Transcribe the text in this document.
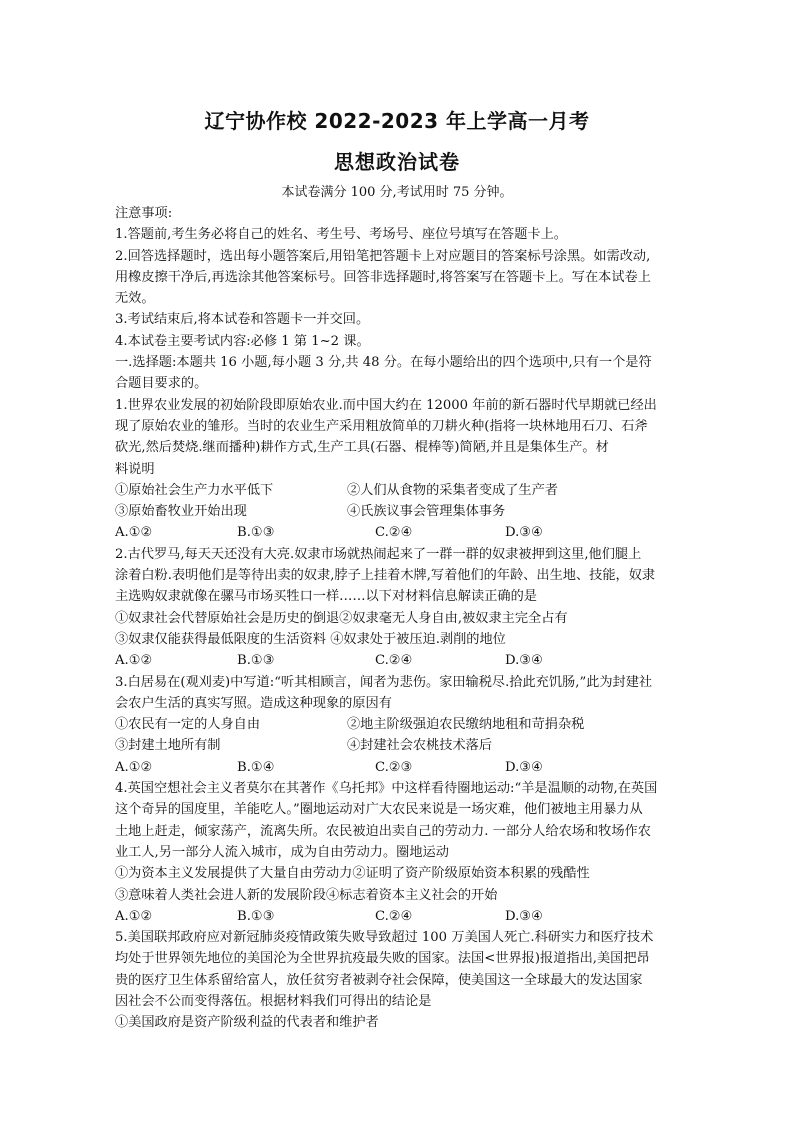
辽宁协作校 2022-2023 年上学高一月考
思想政治试卷
本试卷满分 100 分,考试用时 75 分钟。
注意事项:
1.答题前,考生务必将自己的姓名、考生号、考场号、座位号填写在答题卡上。
2.回答选择题时，选出每小题答案后,用铅笔把答题卡上对应题目的答案标号涂黑。如需改动,
用橡皮擦干净后,再选涂其他答案标号。回答非选择题时,将答案写在答题卡上。写在本试卷上
无效。
3.考试结束后,将本试卷和答题卡一并交回。
4.本试卷主要考试内容:必修 1 第 1~2 课。
一.选择题:本题共 16 小题,每小题 3 分,共 48 分。在每小题给出的四个选项中,只有一个是符
合题目要求的。
1.世界农业发展的初始阶段即原始农业.而中国大约在 12000 年前的新石器时代早期就已经出
现了原始农业的雏形。当时的农业生产采用粗放简单的刀耕火种(指将一块林地用石刀、石斧
砍光,然后焚烧.继而播种)耕作方式,生产工具(石器、棍棒等)简陋,并且是集体生产。材
料说明
①原始社会生产力水平低下	②人们从食物的采集者变成了生产者
③原始畜牧业开始出现	④氏族议事会管理集体事务
A.①②	B.①③	C.②④	D.③④
2.古代罗马,每天天还没有大亮.奴隶市场就热闹起来了一群一群的奴隶被押到这里,他们腿上
涂着白粉.表明他们是等待出卖的奴隶,脖子上挂着木牌,写着他们的年龄、出生地、技能，奴隶
主选购奴隶就像在骡马市场买牲口一样……以下对材料信息解读正确的是
①奴隶社会代替原始社会是历史的倒退②奴隶毫无人身自由,被奴隶主完全占有
③奴隶仅能获得最低限度的生活资料 ④奴隶处于被压迫.剥削的地位
A.①②	B.①③	C.②④	D.③④
3.白居易在(观刈麦)中写道:“听其相顾言，闻者为悲伤。家田输税尽.拾此充饥肠,”此为封建社
会农户生活的真实写照。造成这种现象的原因有
①农民有一定的人身自由	②地主阶级强迫农民缴纳地租和苛捐杂税
③封建土地所有制	④封建社会农桃技术落后
A.①②	B.①④	C.②③	D.③④
4.英国空想社会主义者莫尔在其著作《乌托邦》中这样看待圈地运动:“羊是温顺的动物,在英国
这个奇异的国度里，羊能吃人。”圈地运动对广大农民来说是一场灾难，他们被地主用暴力从
土地上赶走，倾家荡产，流离失所。农民被迫出卖自己的劳动力. 一部分人给农场和牧场作农
业工人,另一部分人流入城市，成为自由劳动力。圈地运动
①为资本主义发展提供了大量自由劳动力②证明了资产阶级原始资本积累的残酷性
③意味着人类社会进人新的发展阶段④标志着资本主义社会的开始
A.①②	B.①③	C.②④	D.③④
5.美国联邦政府应对新冠肺炎疫情政策失败导致超过 100 万美国人死亡.科研实力和医疗技术
均处于世界领先地位的美国沦为全世界抗疫最失败的国家。法国<世界报)报道指出,美国把昂
贵的医疗卫生体系留给富人，放任贫穷者被剥夺社会保障，使美国这一全球最大的发达国家
因社会不公而变得落伍。根据材料我们可得出的结论是
①美国政府是资产阶级利益的代表者和维护者
